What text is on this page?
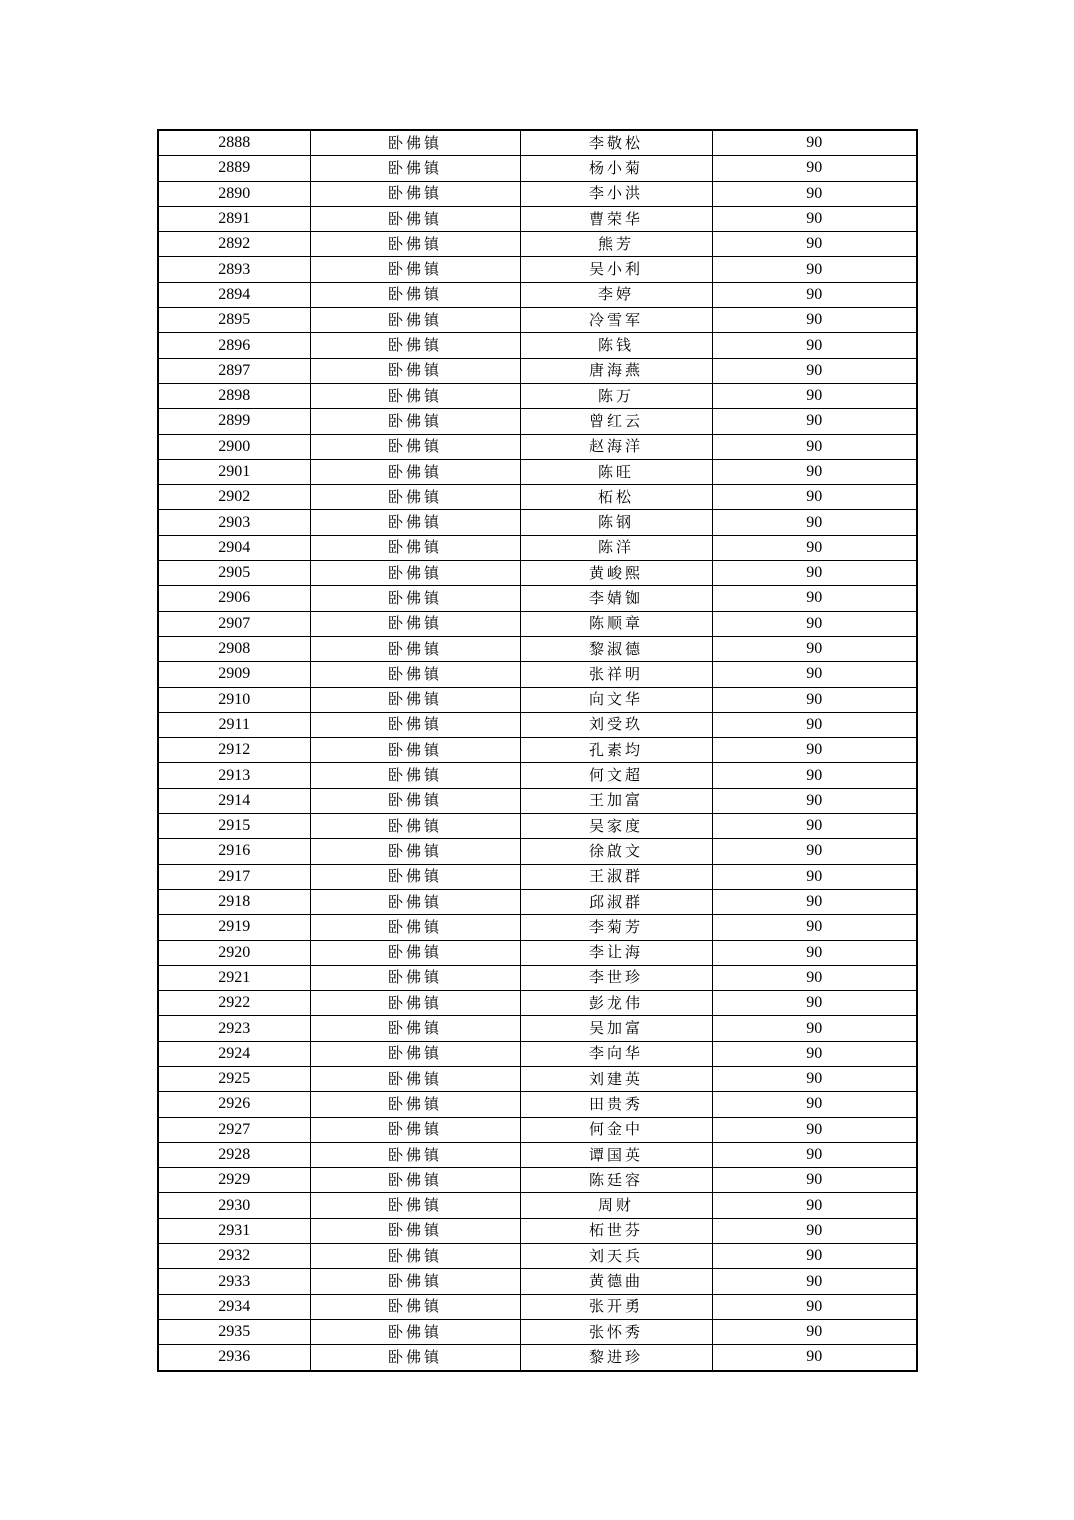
2888	卧佛镇	李敬松	90
2889	卧佛镇	杨小菊	90
2890	卧佛镇	李小洪	90
2891	卧佛镇	曹荣华	90
2892	卧佛镇	熊芳	90
2893	卧佛镇	吴小利	90
2894	卧佛镇	李婷	90
2895	卧佛镇	冷雪军	90
2896	卧佛镇	陈钱	90
2897	卧佛镇	唐海燕	90
2898	卧佛镇	陈万	90
2899	卧佛镇	曾红云	90
2900	卧佛镇	赵海洋	90
2901	卧佛镇	陈旺	90
2902	卧佛镇	柘松	90
2903	卧佛镇	陈钢	90
2904	卧佛镇	陈洋	90
2905	卧佛镇	黄峻熙	90
2906	卧佛镇	李婧铷	90
2907	卧佛镇	陈顺章	90
2908	卧佛镇	黎淑德	90
2909	卧佛镇	张祥明	90
2910	卧佛镇	向文华	90
2911	卧佛镇	刘受玖	90
2912	卧佛镇	孔素均	90
2913	卧佛镇	何文超	90
2914	卧佛镇	王加富	90
2915	卧佛镇	吴家度	90
2916	卧佛镇	徐啟文	90
2917	卧佛镇	王淑群	90
2918	卧佛镇	邱淑群	90
2919	卧佛镇	李菊芳	90
2920	卧佛镇	李让海	90
2921	卧佛镇	李世珍	90
2922	卧佛镇	彭龙伟	90
2923	卧佛镇	吴加富	90
2924	卧佛镇	李向华	90
2925	卧佛镇	刘建英	90
2926	卧佛镇	田贵秀	90
2927	卧佛镇	何金中	90
2928	卧佛镇	谭国英	90
2929	卧佛镇	陈廷容	90
2930	卧佛镇	周财	90
2931	卧佛镇	柘世芬	90
2932	卧佛镇	刘天兵	90
2933	卧佛镇	黄德曲	90
2934	卧佛镇	张开勇	90
2935	卧佛镇	张怀秀	90
2936	卧佛镇	黎进珍	90
